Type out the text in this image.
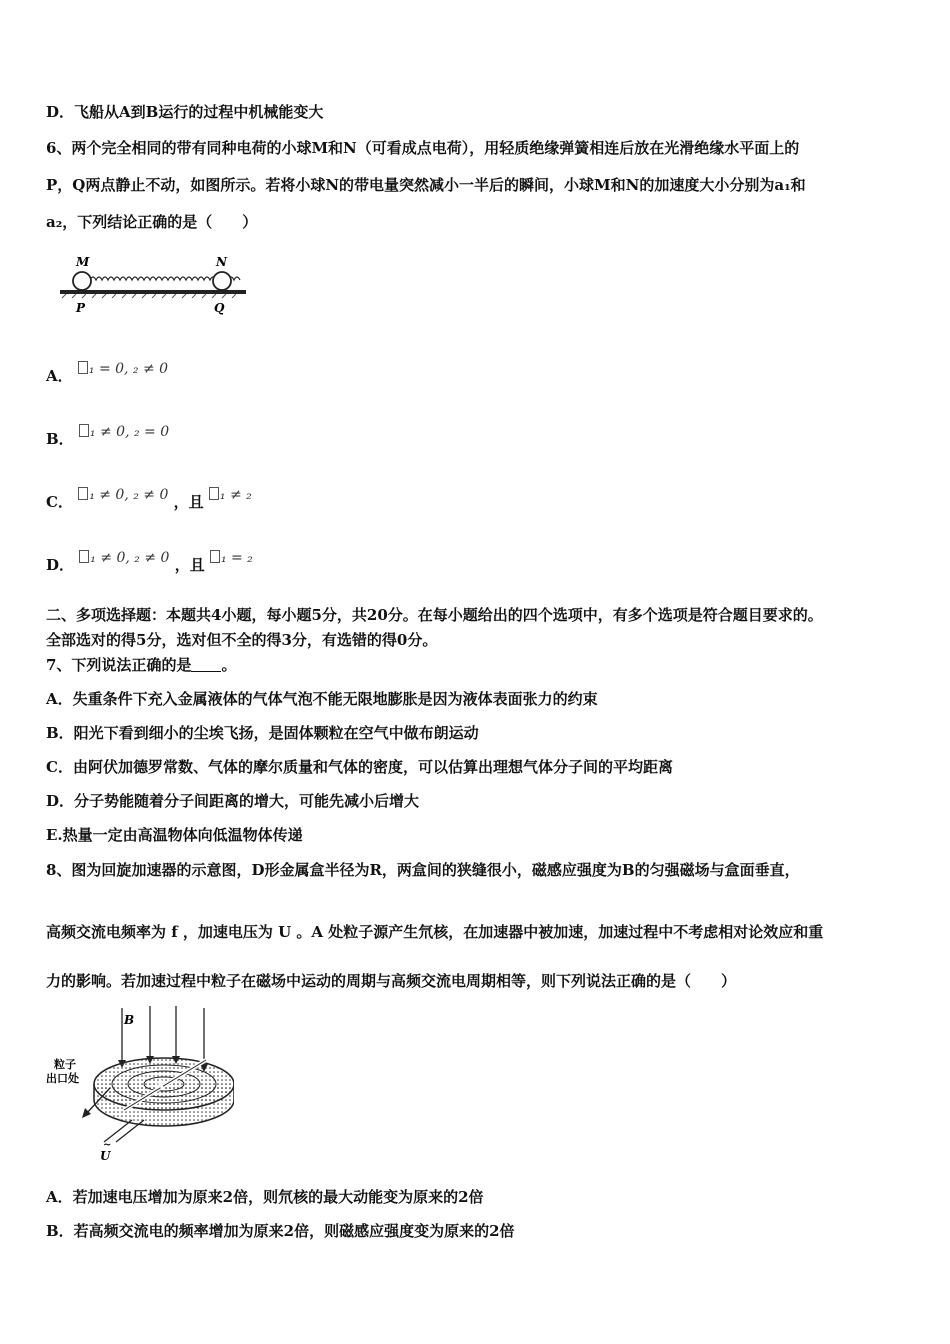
D．飞船从A到B运行的过程中机械能变大
6、两个完全相同的带有同种电荷的小球M和N（可看成点电荷），用轻质绝缘弹簧相连后放在光滑绝缘水平面上的
P，Q两点静止不动，如图所示。若将小球N的带电量突然减小一半后的瞬间，小球M和N的加速度大小分别为a₁和
a₂，下列结论正确的是（　　）
M	N
P	Q
A． ₁ = 0, ₂ ≠ 0
B． ₁ ≠ 0, ₂ = 0
C． ₁ ≠ 0, ₂ ≠ 0 ，且 ₁ ≠ ₂
D． ₁ ≠ 0, ₂ ≠ 0 ，且 ₁ = ₂
二、多项选择题：本题共4小题，每小题5分，共20分。在每小题给出的四个选项中，有多个选项是符合题目要求的。
全部选对的得5分，选对但不全的得3分，有选错的得0分。
7、下列说法正确的是 。
A．失重条件下充入金属液体的气体气泡不能无限地膨胀是因为液体表面张力的约束
B．阳光下看到细小的尘埃飞扬，是固体颗粒在空气中做布朗运动
C．由阿伏加德罗常数、气体的摩尔质量和气体的密度，可以估算出理想气体分子间的平均距离
D．分子势能随着分子间距离的增大，可能先减小后增大
E.热量一定由高温物体向低温物体传递
8、图为回旋加速器的示意图，D形金属盒半径为R，两盒间的狭缝很小，磁感应强度为B的匀强磁场与盒面垂直，
高频交流电频率为 f ，加速电压为 U 。A 处粒子源产生氘核，在加速器中被加速，加速过程中不考虑相对论效应和重
力的影响。若加速过程中粒子在磁场中运动的周期与高频交流电周期相等，则下列说法正确的是（　　）
B
粒子
出口处	A
U
~
A．若加速电压增加为原来2倍，则氘核的最大动能变为原来的2倍
B．若高频交流电的频率增加为原来2倍，则磁感应强度变为原来的2倍
